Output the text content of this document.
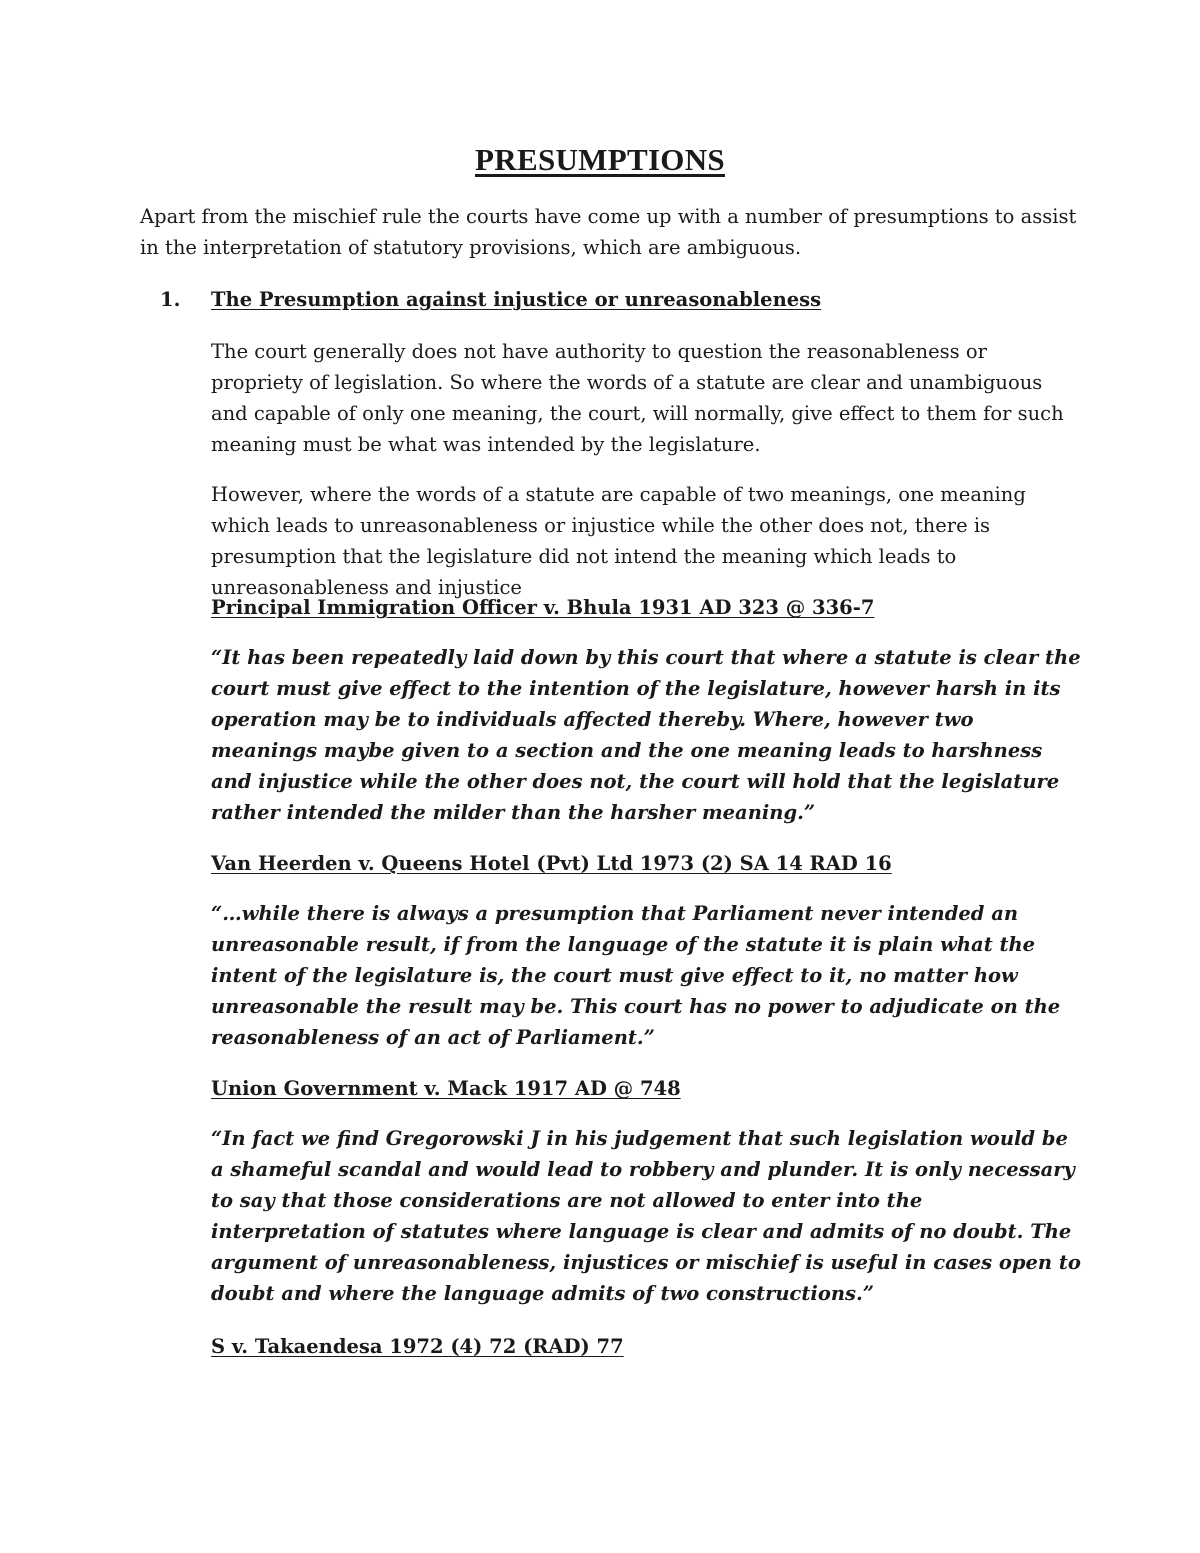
PRESUMPTIONS

Apart from the mischief rule the courts have come up with a number of presumptions to assist in the interpretation of statutory provisions, which are ambiguous.

1. The Presumption against injustice or unreasonableness

The court generally does not have authority to question the reasonableness or propriety of legislation. So where the words of a statute are clear and unambiguous and capable of only one meaning, the court, will normally, give effect to them for such meaning must be what was intended by the legislature.

However, where the words of a statute are capable of two meanings, one meaning which leads to unreasonableness or injustice while the other does not, there is presumption that the legislature did not intend the meaning which leads to unreasonableness and injustice

Principal Immigration Officer v. Bhula 1931 AD 323 @ 336-7

“It has been repeatedly laid down by this court that where a statute is clear the court must give effect to the intention of the legislature, however harsh in its operation may be to individuals affected thereby. Where, however two meanings maybe given to a section and the one meaning leads to harshness and injustice while the other does not, the court will hold that the legislature rather intended the milder than the harsher meaning.”

Van Heerden v. Queens Hotel (Pvt) Ltd 1973 (2) SA 14 RAD 16

“…while there is always a presumption that Parliament never intended an unreasonable result, if from the language of the statute it is plain what the intent of the legislature is, the court must give effect to it, no matter how unreasonable the result may be. This court has no power to adjudicate on the reasonableness of an act of Parliament.”

Union Government v. Mack 1917 AD @ 748

“In fact we find Gregorowski J in his judgement that such legislation would be a shameful scandal and would lead to robbery and plunder. It is only necessary to say that those considerations are not allowed to enter into the interpretation of statutes where language is clear and admits of no doubt. The argument of unreasonableness, injustices or mischief is useful in cases open to doubt and where the language admits of two constructions.”

S v. Takaendesa 1972 (4) 72 (RAD) 77
